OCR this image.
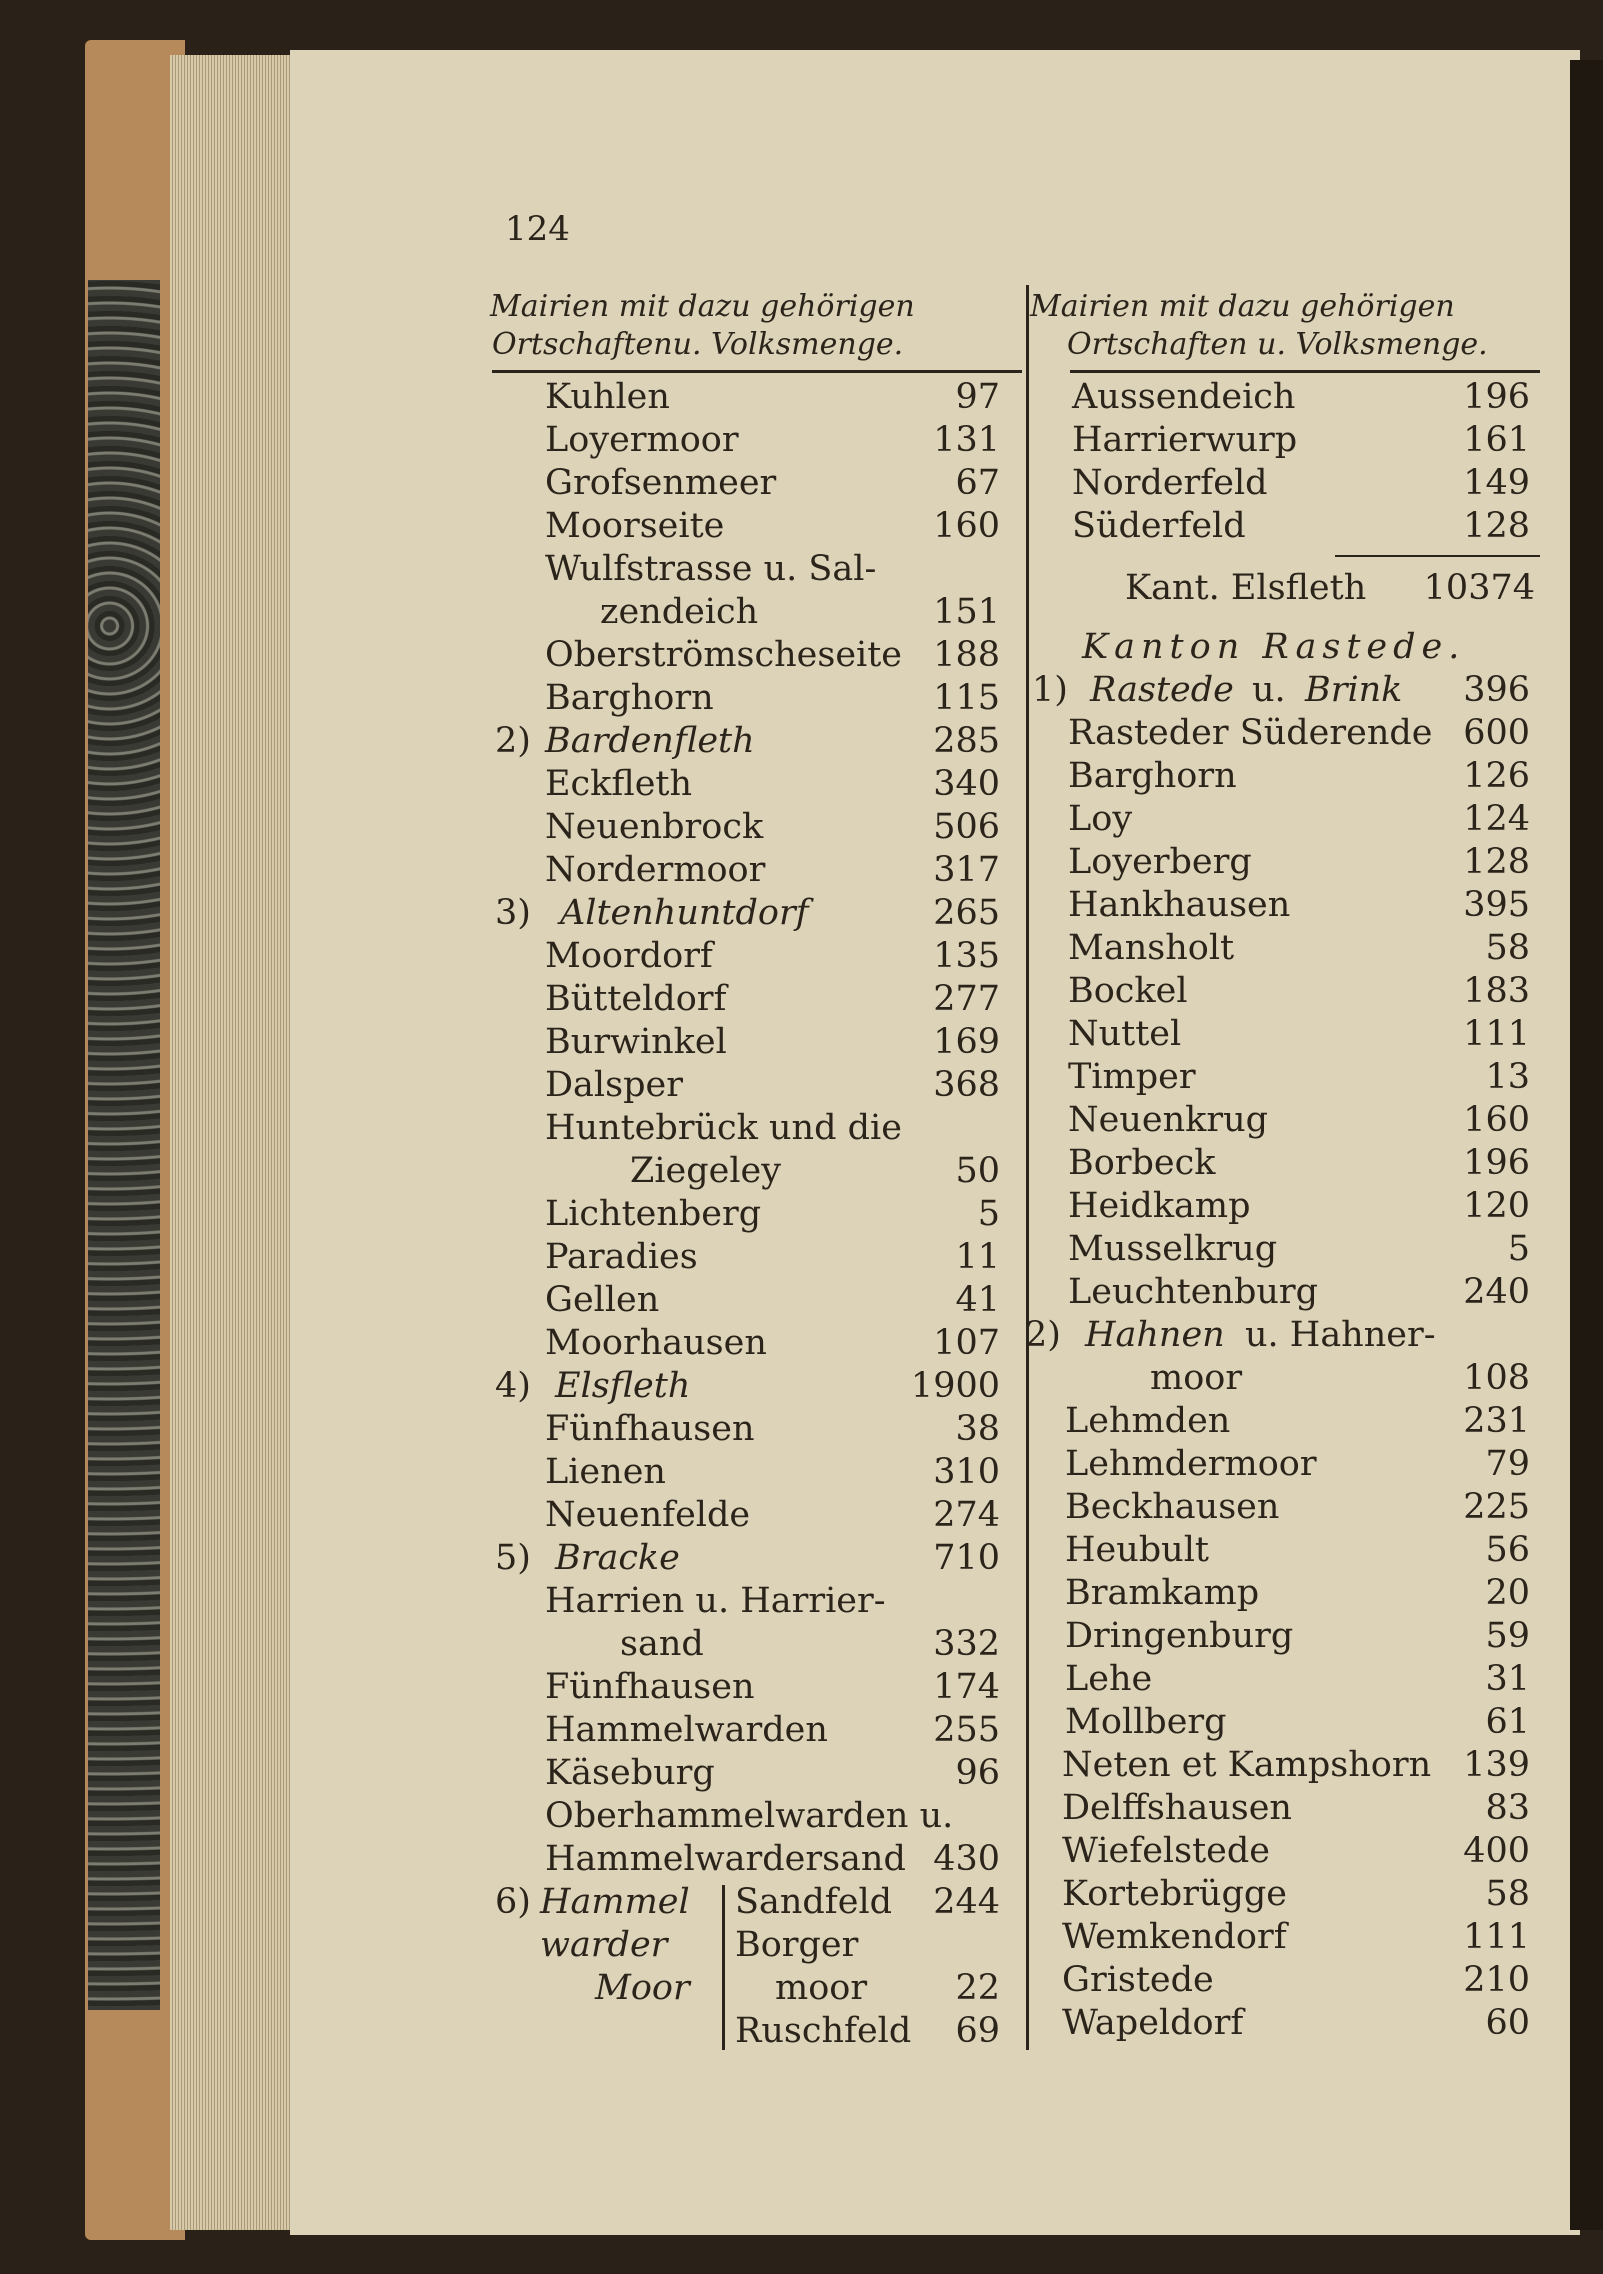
124
Mairien mit dazu gehörigen
Ortschaftenu. Volksmenge.
Mairien mit dazu gehörigen
Ortschaften u. Volksmenge.
Kuhlen	97
Loyermoor	131
Grofsenmeer	67
Moorseite	160
Wulfstrasse u. Sal-
zendeich	151
Oberströmscheseite 188
Barghorn	115
2) Bardenfleth	285
Eckfleth	340
Neuenbrock	506
Nordermoor	317
3) Altenhuntdorf	265
Moordorf	135
Bütteldorf	277
Burwinkel	169
Dalsper	368
Huntebrück und die
Ziegeley	50
Lichtenberg	5
Paradies	11
Gellen	41
Moorhausen	107
4) Elsfleth	1900
Fünfhausen	38
Lienen	310
Neuenfelde	274
5) Bracke	710
Harrien u. Harrier-
sand	332
Fünfhausen	174
Hammelwarden	255
Käseburg	96
Oberhammelwarden u.
Hammelwardersand 430
6) Hammel Sandfeld	244
warder Borger
Moor moor	22
Ruschfeld	69
Aussendeich	196
Harrierwurp	161
Norderfeld	149
Süderfeld	128
Kant. Elsfleth	10374
Kanton Rastede.
1) Rastede u. Brink	396
Rasteder Süderende 600
Barghorn	126
Loy	124
Loyerberg	128
Hankhausen	395
Mansholt	58
Bockel	183
Nuttel	111
Timper	13
Neuenkrug	160
Borbeck	196
Heidkamp	120
Musselkrug	5
Leuchtenburg	240
2) Hahnen u. Hahner-
moor	108
Lehmden	231
Lehmdermoor	79
Beckhausen	225
Heubult	56
Bramkamp	20
Dringenburg	59
Lehe	31
Mollberg	61
Neten et Kampshorn 139
Delffshausen	83
Wiefelstede	400
Kortebrügge	58
Wemkendorf	111
Gristede	210
Wapeldorf	60
